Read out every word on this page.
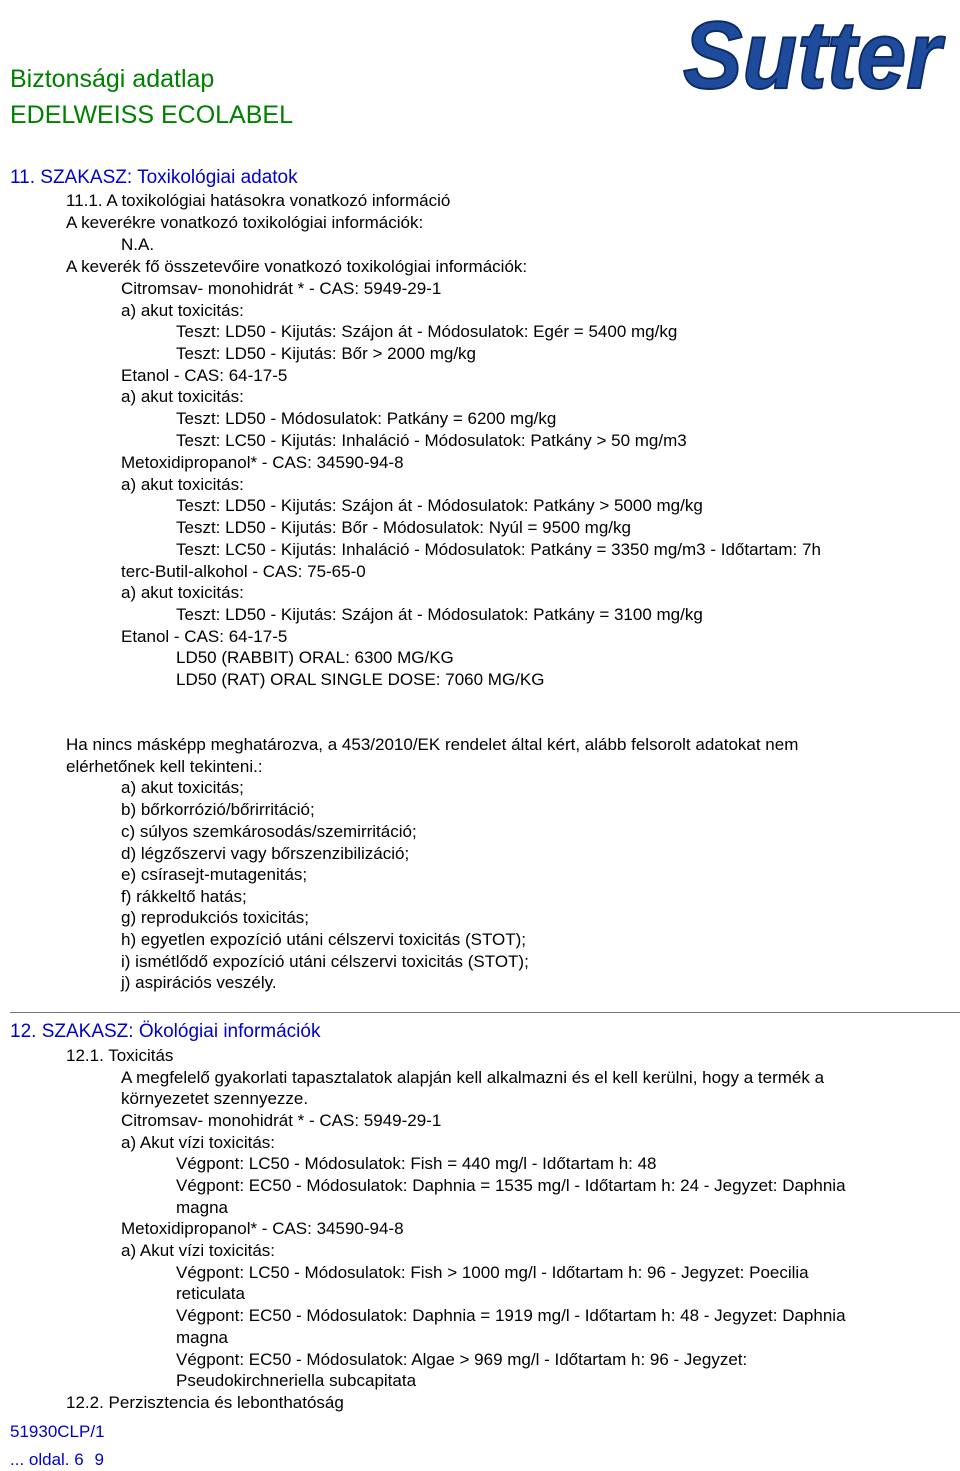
Biztonsági adatlap
EDELWEISS ECOLABEL
Sutter
11. SZAKASZ: Toxikológiai adatok
11.1. A toxikológiai hatásokra vonatkozó információ
A keverékre vonatkozó toxikológiai információk:
N.A.
A keverék fő összetevőire vonatkozó toxikológiai információk:
Citromsav- monohidrát * - CAS: 5949-29-1
a) akut toxicitás:
Teszt: LD50 - Kijutás: Szájon át - Módosulatok: Egér = 5400 mg/kg
Teszt: LD50 - Kijutás: Bőr > 2000 mg/kg
Etanol - CAS: 64-17-5
a) akut toxicitás:
Teszt: LD50 - Módosulatok: Patkány = 6200 mg/kg
Teszt: LC50 - Kijutás: Inhaláció - Módosulatok: Patkány > 50 mg/m3
Metoxidipropanol* - CAS: 34590-94-8
a) akut toxicitás:
Teszt: LD50 - Kijutás: Szájon át - Módosulatok: Patkány > 5000 mg/kg
Teszt: LD50 - Kijutás: Bőr - Módosulatok: Nyúl = 9500 mg/kg
Teszt: LC50 - Kijutás: Inhaláció - Módosulatok: Patkány = 3350 mg/m3 - Időtartam: 7h
terc-Butil-alkohol - CAS: 75-65-0
a) akut toxicitás:
Teszt: LD50 - Kijutás: Szájon át - Módosulatok: Patkány = 3100 mg/kg
Etanol - CAS: 64-17-5
LD50 (RABBIT) ORAL: 6300 MG/KG
LD50 (RAT) ORAL SINGLE DOSE: 7060 MG/KG
Ha nincs másképp meghatározva, a 453/2010/EK rendelet által kért, alább felsorolt adatokat nem
elérhetőnek kell tekinteni.:
a) akut toxicitás;
b) bőrkorrózió/bőrirritáció;
c) súlyos szemkárosodás/szemirritáció;
d) légzőszervi vagy bőrszenzibilizáció;
e) csírasejt-mutagenitás;
f) rákkeltő hatás;
g) reprodukciós toxicitás;
h) egyetlen expozíció utáni célszervi toxicitás (STOT);
i) ismétlődő expozíció utáni célszervi toxicitás (STOT);
j) aspirációs veszély.
12. SZAKASZ: Ökológiai információk
12.1. Toxicitás
A megfelelő gyakorlati tapasztalatok alapján kell alkalmazni és el kell kerülni, hogy a termék a
környezetet szennyezze.
Citromsav- monohidrát * - CAS: 5949-29-1
a) Akut vízi toxicitás:
Végpont: LC50 - Módosulatok: Fish = 440 mg/l - Időtartam h: 48
Végpont: EC50 - Módosulatok: Daphnia = 1535 mg/l - Időtartam h: 24 - Jegyzet: Daphnia
magna
Metoxidipropanol* - CAS: 34590-94-8
a) Akut vízi toxicitás:
Végpont: LC50 - Módosulatok: Fish > 1000 mg/l - Időtartam h: 96 - Jegyzet: Poecilia
reticulata
Végpont: EC50 - Módosulatok: Daphnia = 1919 mg/l - Időtartam h: 48 - Jegyzet: Daphnia
magna
Végpont: EC50 - Módosulatok: Algae > 969 mg/l - Időtartam h: 96 - Jegyzet:
Pseudokirchneriella subcapitata
12.2. Perzisztencia és lebonthatóság
51930CLP/1
... oldal. 6 9
